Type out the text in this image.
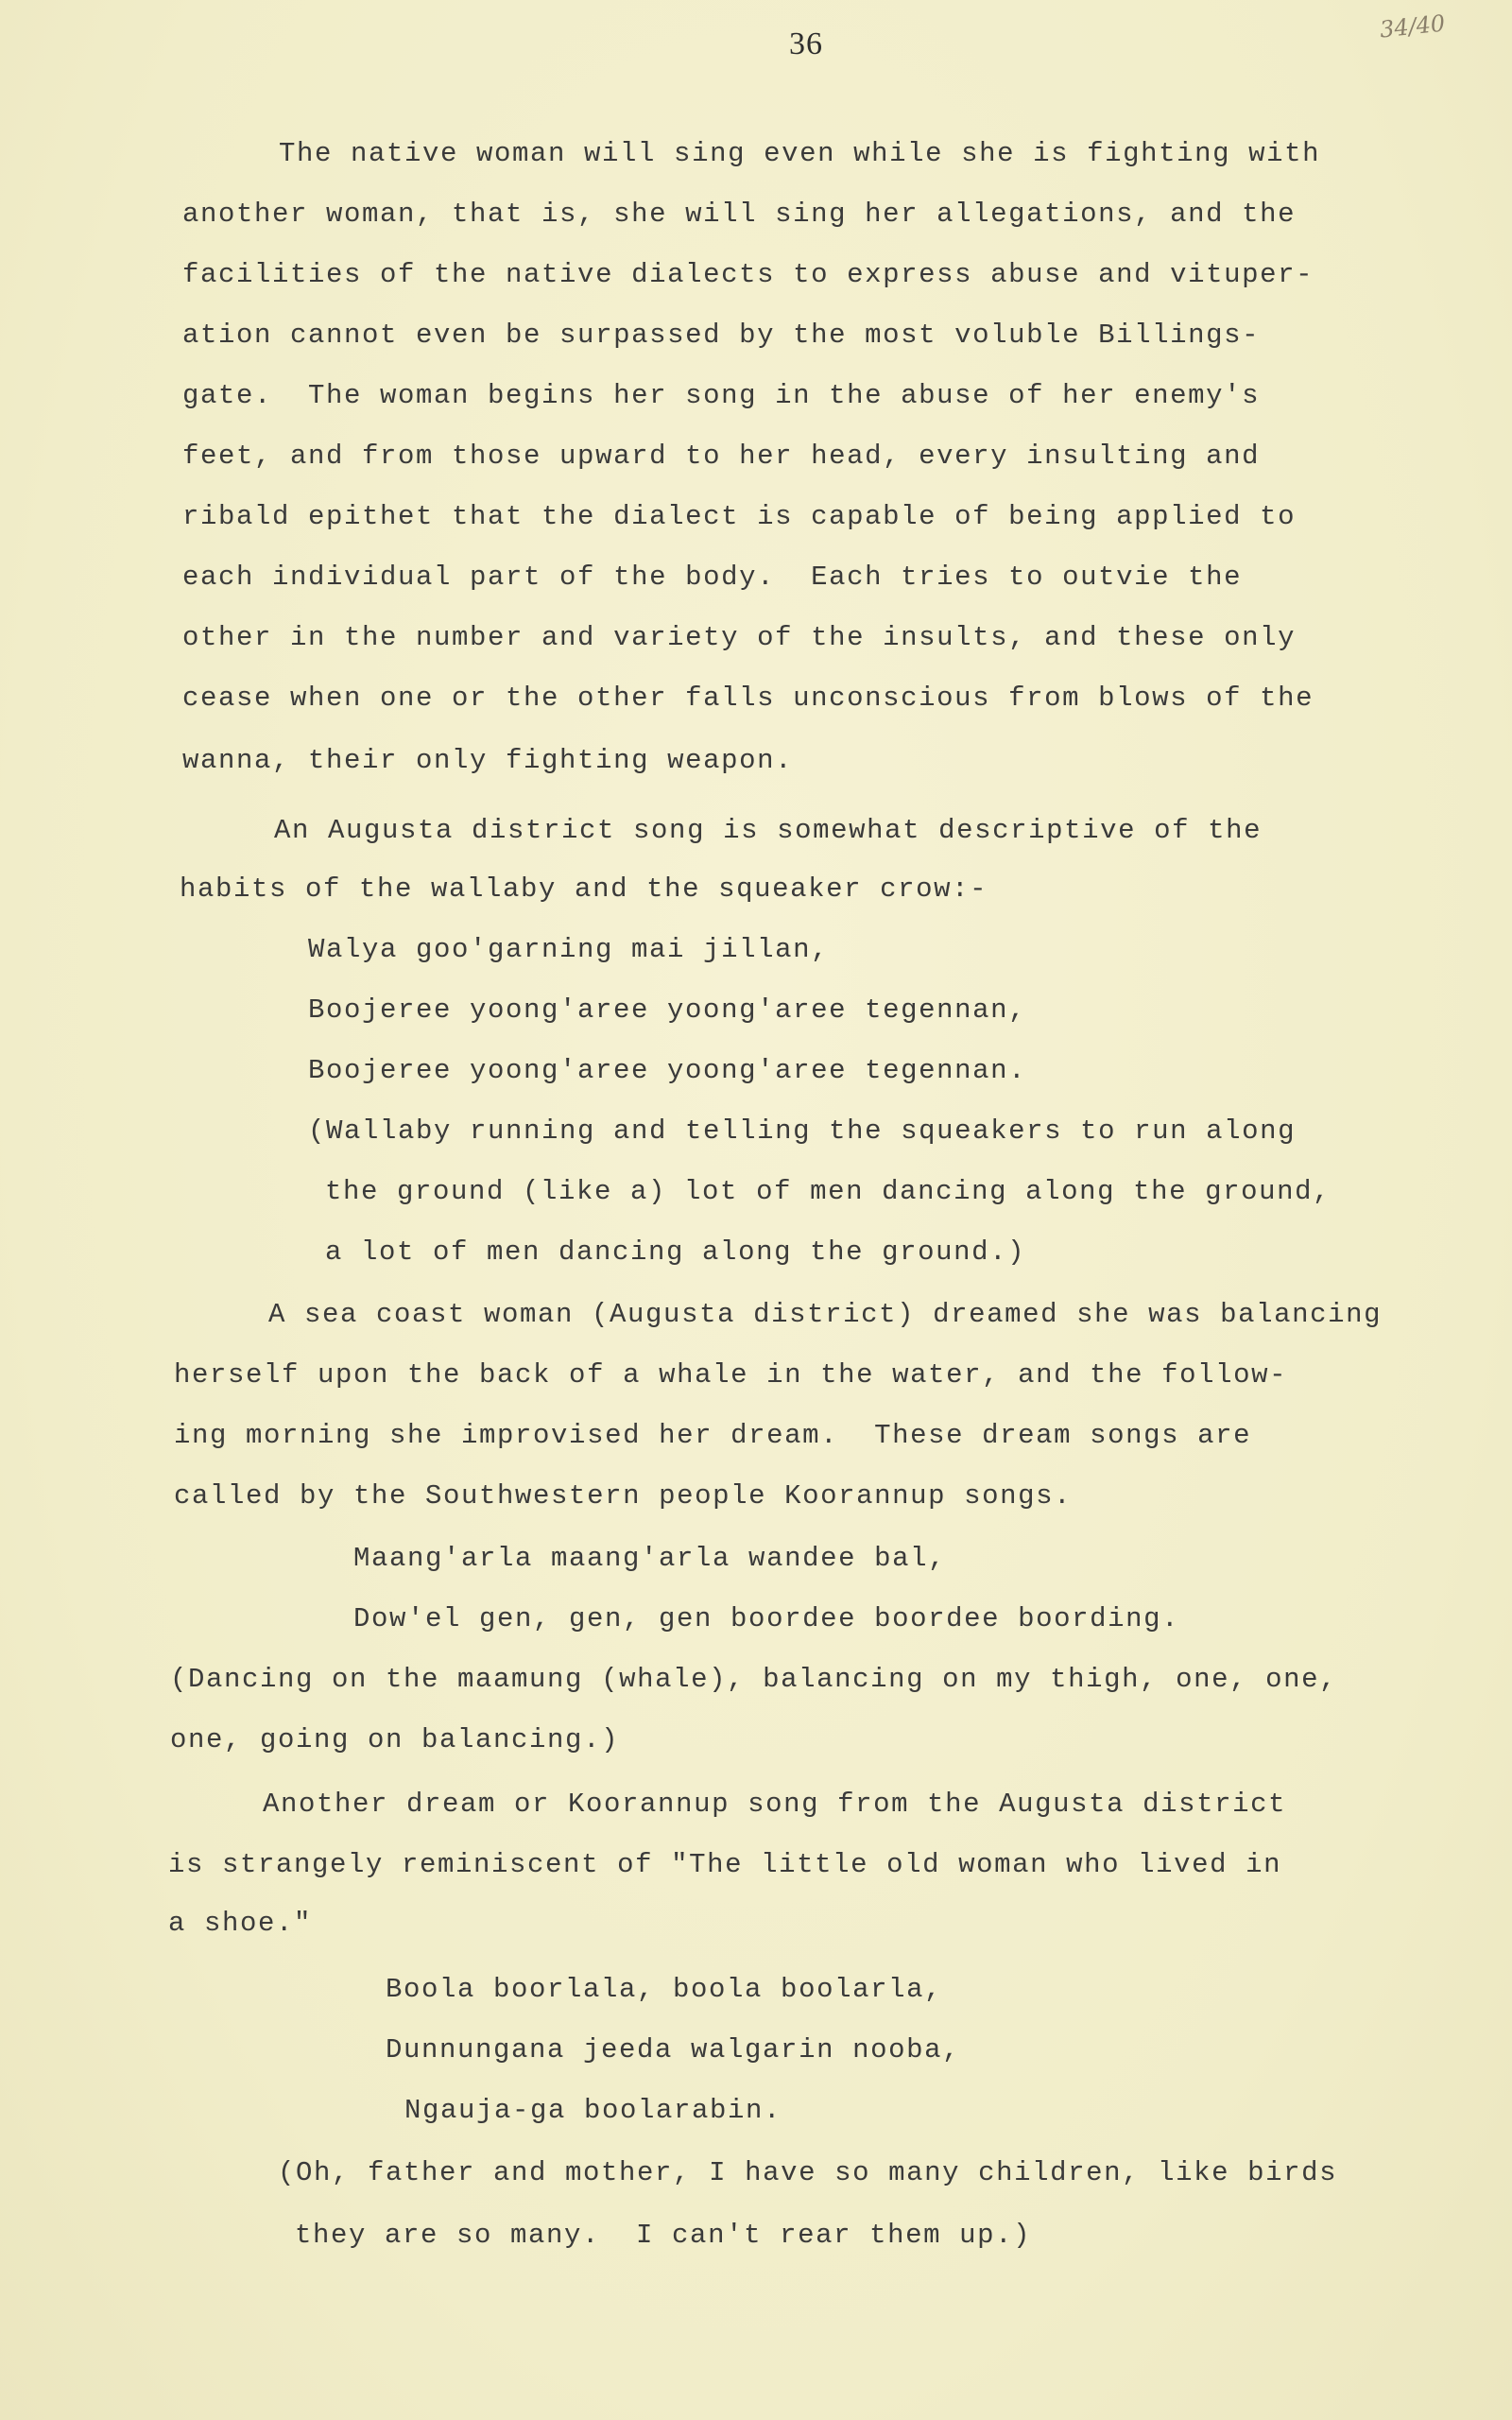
36
34/40
The native woman will sing even while she is fighting with
another woman, that is, she will sing her allegations, and the
facilities of the native dialects to express abuse and vituper-
ation cannot even be surpassed by the most voluble Billings-
gate.  The woman begins her song in the abuse of her enemy's
feet, and from those upward to her head, every insulting and
ribald epithet that the dialect is capable of being applied to
each individual part of the body.  Each tries to outvie the
other in the number and variety of the insults, and these only
cease when one or the other falls unconscious from blows of the
wanna, their only fighting weapon.
An Augusta district song is somewhat descriptive of the
habits of the wallaby and the squeaker crow:-
Walya goo'garning mai jillan,
Boojeree yoong'aree yoong'aree tegennan,
Boojeree yoong'aree yoong'aree tegennan.
(Wallaby running and telling the squeakers to run along
the ground (like a) lot of men dancing along the ground,
a lot of men dancing along the ground.)
A sea coast woman (Augusta district) dreamed she was balancing
herself upon the back of a whale in the water, and the follow-
ing morning she improvised her dream.  These dream songs are
called by the Southwestern people Koorannup songs.
Maang'arla maang'arla wandee bal,
Dow'el gen, gen, gen boordee boordee boording.
(Dancing on the maamung (whale), balancing on my thigh, one, one,
one, going on balancing.)
Another dream or Koorannup song from the Augusta district
is strangely reminiscent of "The little old woman who lived in
a shoe."
Boola boorlala, boola boolarla,
Dunnungana jeeda walgarin nooba,
Ngauja-ga boolarabin.
(Oh, father and mother, I have so many children, like birds
they are so many.  I can't rear them up.)
